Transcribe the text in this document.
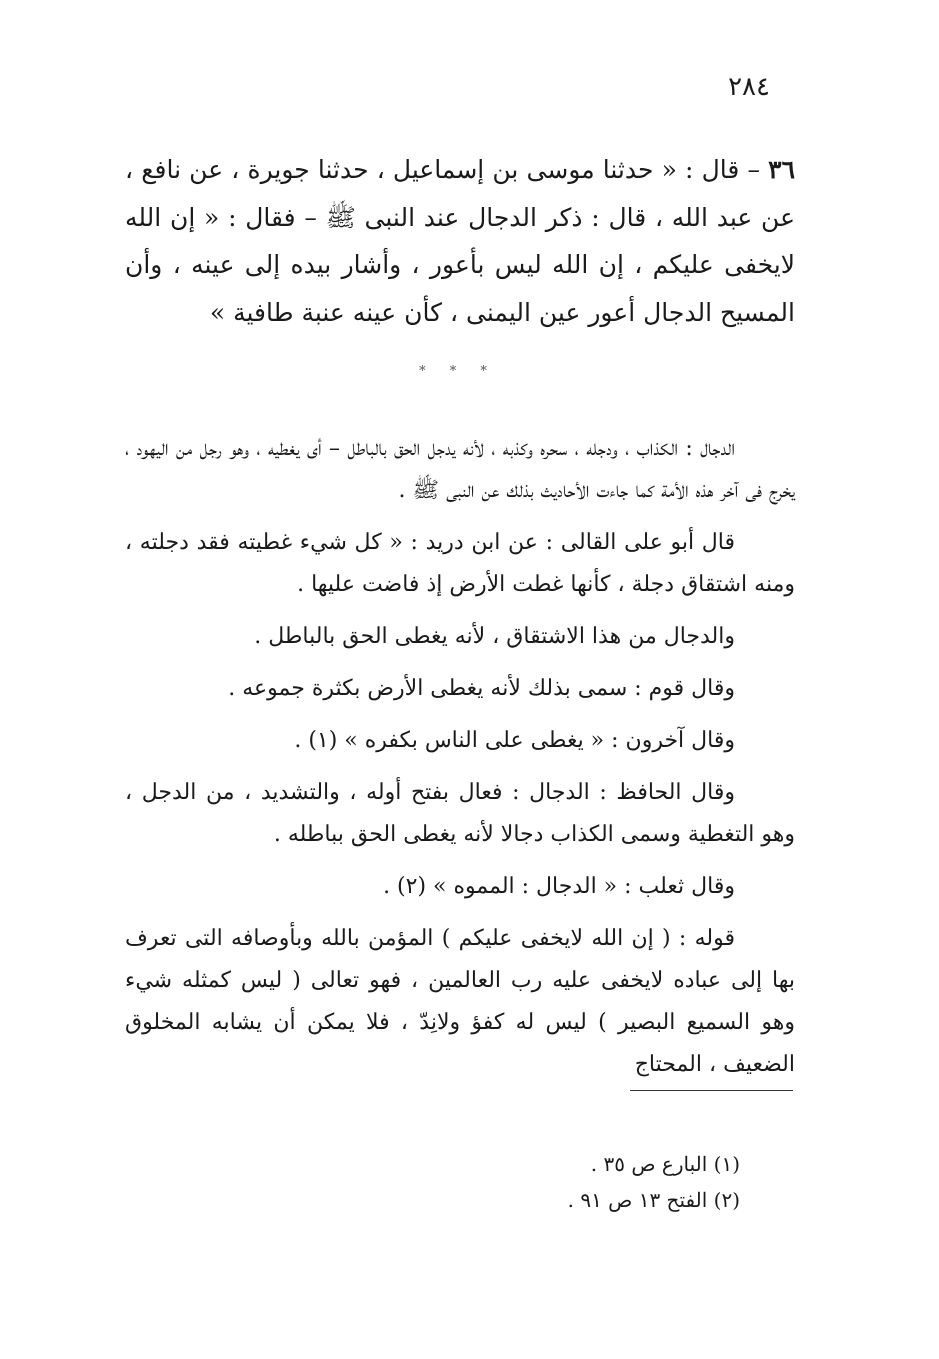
٢٨٤
٣٦ – قال : « حدثنا موسى بن إسماعيل ، حدثنا جويرة ، عن نافع ، عن عبد الله ، قال : ذكر الدجال عند النبى ﷺ – فقال : « إن الله لايخفى عليكم ، إن الله ليس بأعور ، وأشار بيده إلى عينه ، وأن المسيح الدجال أعور عين اليمنى ، كأن عينه عنبة طافية »
* * *

الدجال : الكذاب ، ودجله ، سحره وكذبه ، لأنه يدجل الحق بالباطل – أى يغطيه ، وهو رجل من اليهود ، يخرج فى آخر هذه الأمة كما جاءت الأحاديث بذلك عن النبى ﷺ .

قال أبو على القالى : عن ابن دريد : « كل شيء غطيته فقد دجلته ، ومنه اشتقاق دجلة ، كأنها غطت الأرض إذ فاضت عليها .

والدجال من هذا الاشتقاق ، لأنه يغطى الحق بالباطل .

وقال قوم : سمى بذلك لأنه يغطى الأرض بكثرة جموعه .

وقال آخرون : « يغطى على الناس بكفره » (١) .

وقال الحافظ : الدجال : فعال بفتح أوله ، والتشديد ، من الدجل ، وهو التغطية وسمى الكذاب دجالا لأنه يغطى الحق بباطله .

وقال ثعلب : « الدجال : المموه » (٢) .

قوله : ( إن الله لايخفى عليكم ) المؤمن بالله وبأوصافه التى تعرف بها إلى عباده لايخفى عليه رب العالمين ، فهو تعالى ( ليس كمثله شيء وهو السميع البصير ) ليس له كفؤ ولانِدّ ، فلا يمكن أن يشابه المخلوق الضعيف ، المحتاج

(١) البارع ص ٣٥ .
(٢) الفتح ١٣ ص ٩١ .
